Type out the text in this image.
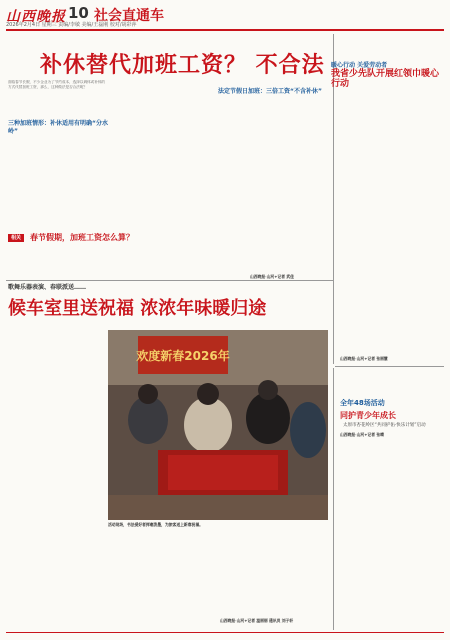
山西晚报 10 社会直通车
2026年2月4日 星期三 责编/李敏 美编/王磊刚 校对/胡彩萍
补休替代加班工资？ 不合法
面临春节长假，不少企业为了节约成本，选择以调休或补休的方式代替加班工资，那么，这种做法是否合法呢？
三种加班情形：补休适用有明确“分水岭”
法定节假日加班：三倍工资“不含补休”
相关	春节假期，加班工资怎么算？
山西晚报·山河+记者 武佳
暖心行动 关爱劳动者
我省少先队开展红领巾暖心行动
山西晚报·山河+记者 张丽慧
歌舞乐器表演、春联派送……
候车室里送祝福 浓浓年味暖归途
欢度新春2026年
活动现场，书法爱好者挥毫泼墨，为旅客送上新春祝福。
山西晚报·山河+记者 温丽丽 通讯员 刘子轩
全年48场活动
同护青少年成长
太原市杏花岭区“共同护佑·快乐计划”启动
山西晚报·山河+记者 张晴
